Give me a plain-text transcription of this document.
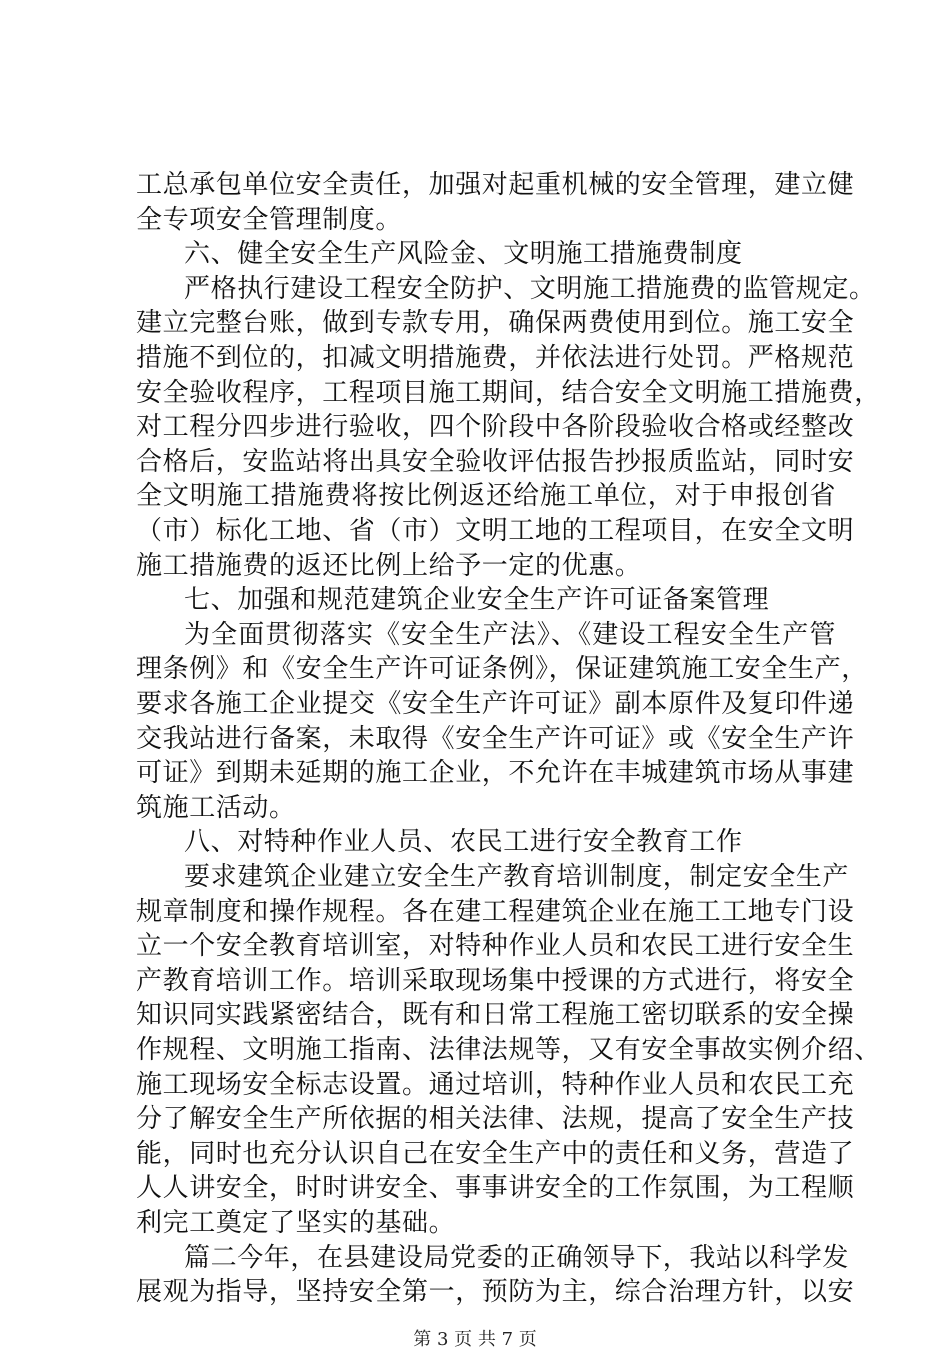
工总承包单位安全责任，加强对起重机械的安全管理，建立健
全专项安全管理制度。
六、健全安全生产风险金、文明施工措施费制度
严格执行建设工程安全防护、文明施工措施费的监管规定。
建立完整台账，做到专款专用，确保两费使用到位。施工安全
措施不到位的，扣减文明措施费，并依法进行处罚。严格规范
安全验收程序，工程项目施工期间，结合安全文明施工措施费，
对工程分四步进行验收，四个阶段中各阶段验收合格或经整改
合格后，安监站将出具安全验收评估报告抄报质监站，同时安
全文明施工措施费将按比例返还给施工单位，对于申报创省
（市）标化工地、省（市）文明工地的工程项目，在安全文明
施工措施费的返还比例上给予一定的优惠。
七、加强和规范建筑企业安全生产许可证备案管理
为全面贯彻落实《安全生产法》、《建设工程安全生产管
理条例》和《安全生产许可证条例》，保证建筑施工安全生产，
要求各施工企业提交《安全生产许可证》副本原件及复印件递
交我站进行备案，未取得《安全生产许可证》或《安全生产许
可证》到期未延期的施工企业，不允许在丰城建筑市场从事建
筑施工活动。
八、对特种作业人员、农民工进行安全教育工作
要求建筑企业建立安全生产教育培训制度，制定安全生产
规章制度和操作规程。各在建工程建筑企业在施工工地专门设
立一个安全教育培训室，对特种作业人员和农民工进行安全生
产教育培训工作。培训采取现场集中授课的方式进行，将安全
知识同实践紧密结合，既有和日常工程施工密切联系的安全操
作规程、文明施工指南、法律法规等，又有安全事故实例介绍、
施工现场安全标志设置。通过培训，特种作业人员和农民工充
分了解安全生产所依据的相关法律、法规，提高了安全生产技
能，同时也充分认识自己在安全生产中的责任和义务，营造了
人人讲安全，时时讲安全、事事讲安全的工作氛围，为工程顺
利完工奠定了坚实的基础。
篇二今年，在县建设局党委的正确领导下，我站以科学发
展观为指导，坚持安全第一，预防为主，综合治理方针，以安
第 3 页 共 7 页
